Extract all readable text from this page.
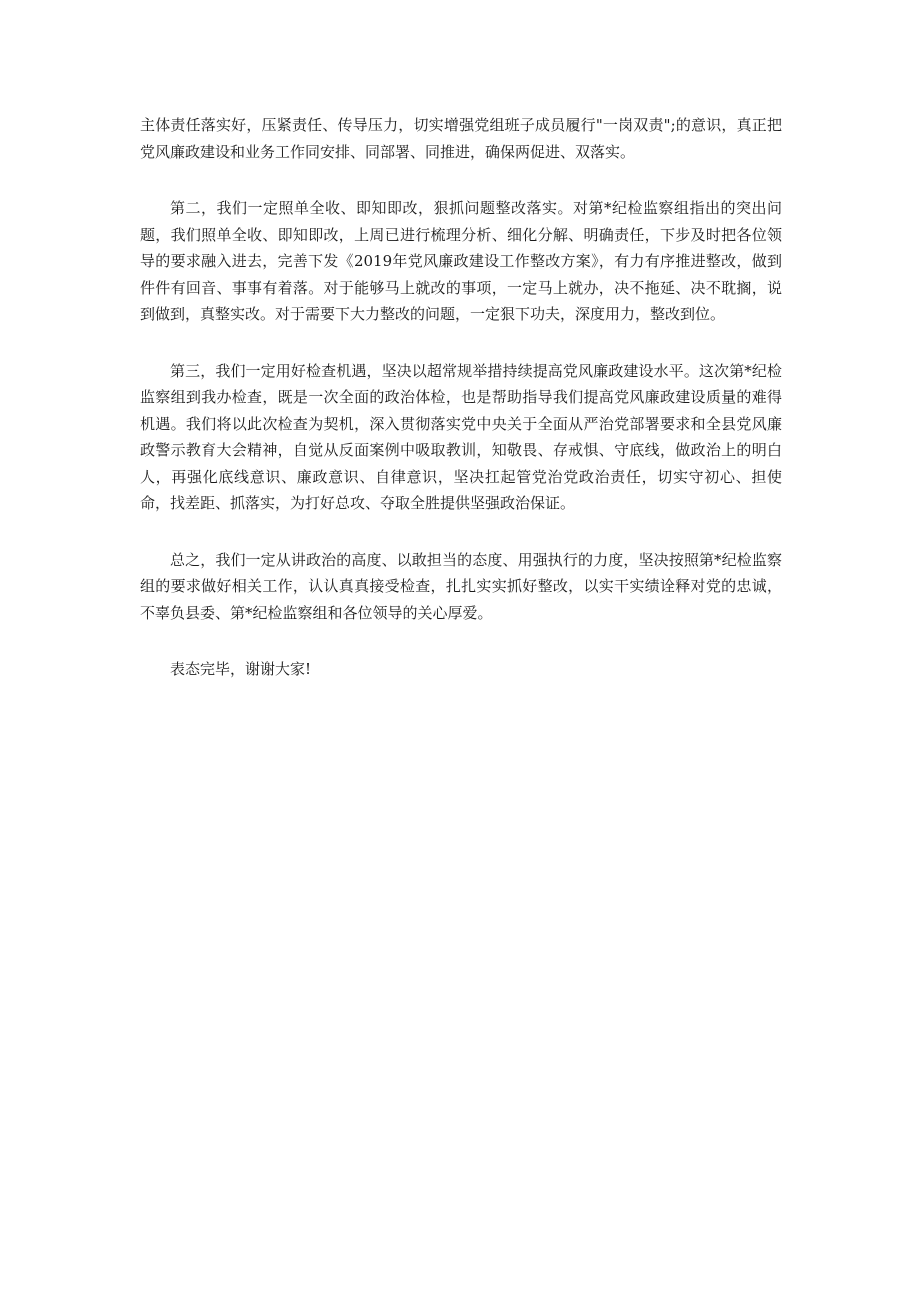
主体责任落实好，压紧责任、传导压力，切实增强党组班子成员履行"一岗双责";的意识，真正把党风廉政建设和业务工作同安排、同部署、同推进，确保两促进、双落实。

第二，我们一定照单全收、即知即改，狠抓问题整改落实。对第*纪检监察组指出的突出问题，我们照单全收、即知即改，上周已进行梳理分析、细化分解、明确责任，下步及时把各位领导的要求融入进去，完善下发《2019年党风廉政建设工作整改方案》，有力有序推进整改，做到件件有回音、事事有着落。对于能够马上就改的事项，一定马上就办，决不拖延、决不耽搁，说到做到，真整实改。对于需要下大力整改的问题，一定狠下功夫，深度用力，整改到位。

第三，我们一定用好检查机遇，坚决以超常规举措持续提高党风廉政建设水平。这次第*纪检监察组到我办检查，既是一次全面的政治体检，也是帮助指导我们提高党风廉政建设质量的难得机遇。我们将以此次检查为契机，深入贯彻落实党中央关于全面从严治党部署要求和全县党风廉政警示教育大会精神，自觉从反面案例中吸取教训，知敬畏、存戒惧、守底线，做政治上的明白人，再强化底线意识、廉政意识、自律意识，坚决扛起管党治党政治责任，切实守初心、担使命，找差距、抓落实，为打好总攻、夺取全胜提供坚强政治保证。

总之，我们一定从讲政治的高度、以敢担当的态度、用强执行的力度，坚决按照第*纪检监察组的要求做好相关工作，认认真真接受检查，扎扎实实抓好整改，以实干实绩诠释对党的忠诚，不辜负县委、第*纪检监察组和各位领导的关心厚爱。

表态完毕，谢谢大家!
